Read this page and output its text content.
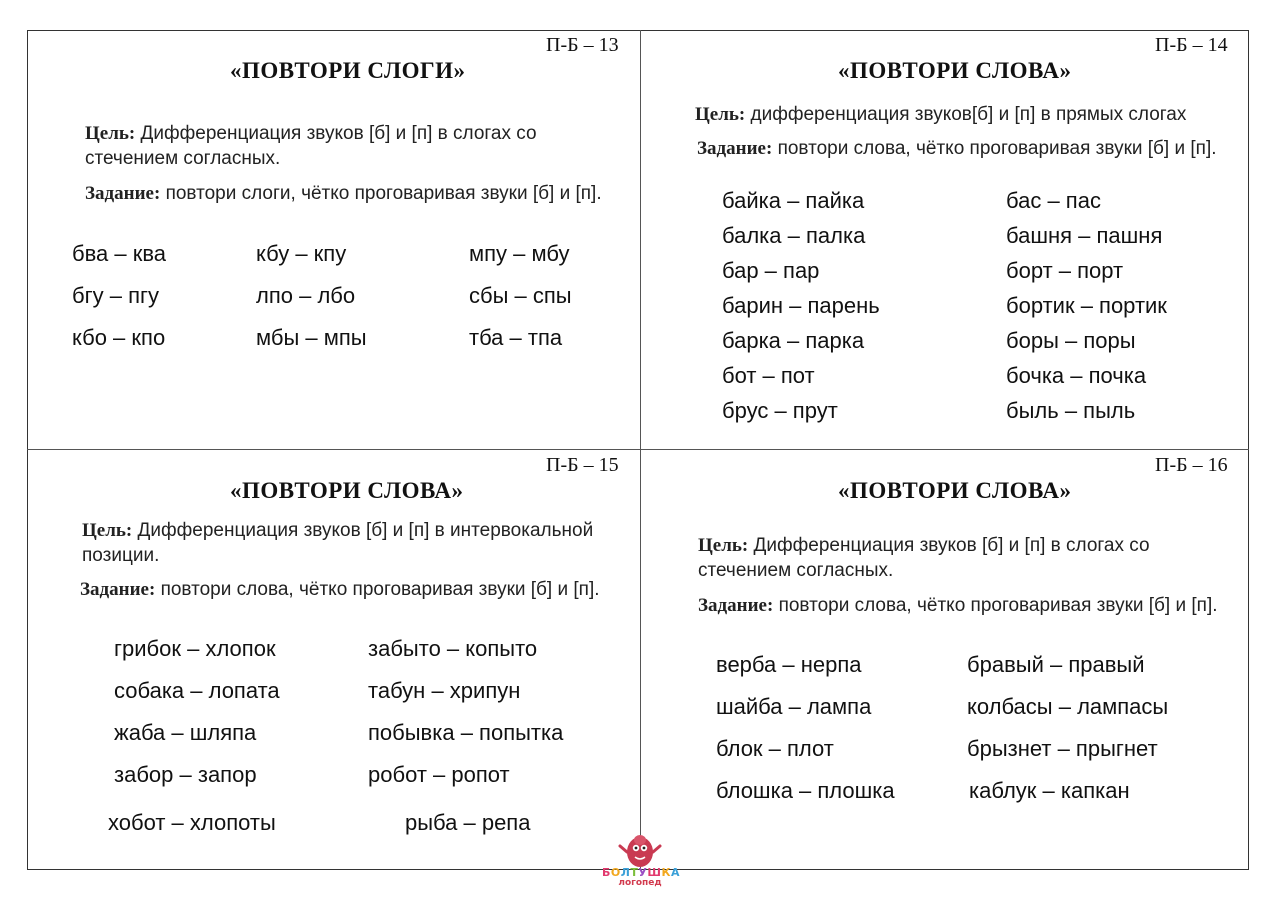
П-Б – 13
«ПОВТОРИ СЛОГИ»
Цель: Дифференциация звуков [б] и [п] в слогах со стечением согласных.
Задание: повтори слоги, чётко проговаривая звуки [б] и [п].
бва – ква	кбу – кпу	мпу – мбу
бгу – пгу	лпо – лбо	сбы – спы
кбо – кпо	мбы – мпы	тба – тпа
П-Б – 14
«ПОВТОРИ СЛОВА»
Цель: дифференциация звуков[б] и [п] в прямых слогах
Задание: повтори слова, чётко проговаривая звуки [б] и [п].
байка – пайка	бас – пас
балка – палка	башня – пашня
бар – пар	борт – порт
барин – парень	бортик – портик
барка – парка	боры – поры
бот – пот	бочка – почка
брус – прут	быль – пыль
П-Б – 15
«ПОВТОРИ СЛОВА»
Цель: Дифференциация звуков [б] и [п] в интервокальной позиции.
Задание: повтори слова, чётко проговаривая звуки [б] и [п].
грибок – хлопок	забыто – копыто
собака – лопата	табун – хрипун
жаба – шляпа	побывка – попытка
забор – запор	робот – ропот
хобот – хлопоты	рыба – репа
П-Б – 16
«ПОВТОРИ СЛОВА»
Цель: Дифференциация звуков [б] и [п] в слогах со стечением согласных.
Задание: повтори слова, чётко проговаривая звуки [б] и [п].
верба – нерпа	бравый – правый
шайба – лампа	колбасы – лампасы
блок – плот	брызнет – прыгнет
блошка – плошка	каблук – капкан
БОЛТУШКА
логопед
